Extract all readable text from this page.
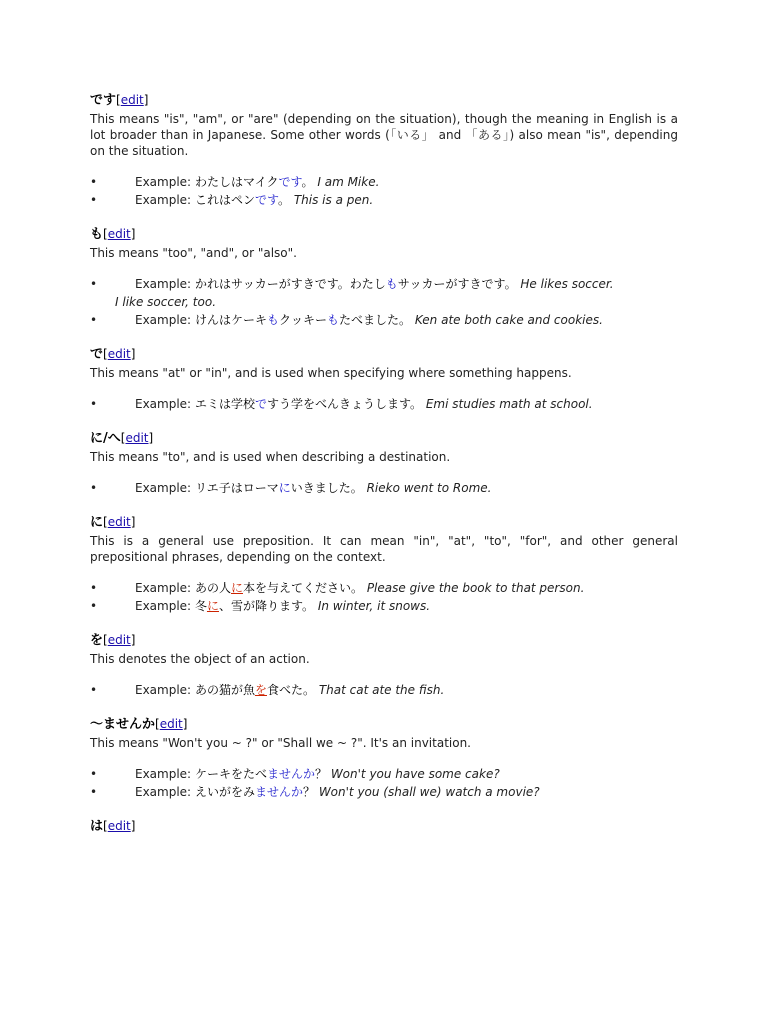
です[edit]

This means "is", "am", or "are" (depending on the situation), though the meaning in English is a lot broader than in Japanese. Some other words (「いる」 and 「ある」) also mean "is", depending on the situation.

•	Example: わたしはマイクです。 I am Mike.
•	Example: これはペンです。 This is a pen.

も[edit]

This means "too", "and", or "also".

•	Example: かれはサッカーがすきです。わたしもサッカーがすきです。 He likes soccer.
I like soccer, too.
•	Example: けんはケーキもクッキーもたべました。 Ken ate both cake and cookies.

で[edit]

This means "at" or "in", and is used when specifying where something happens.

•	Example: エミは学校ですう学をべんきょうします。 Emi studies math at school.

に/へ[edit]

This means "to", and is used when describing a destination.

•	Example: リエ子はローマにいきました。 Rieko went to Rome.

に[edit]

This is a general use preposition. It can mean "in", "at", "to", "for", and other general prepositional phrases, depending on the context.

•	Example: あの人に本を与えてください。 Please give the book to that person.
•	Example: 冬に、雪が降ります。 In winter, it snows.

を[edit]

This denotes the object of an action.

•	Example: あの猫が魚を食べた。 That cat ate the fish.

～ませんか[edit]

This means "Won't you ~ ?" or "Shall we ~ ?". It's an invitation.

•	Example: ケーキをたべませんか？ Won't you have some cake?
•	Example: えいがをみませんか？ Won't you (shall we) watch a movie?

は[edit]
